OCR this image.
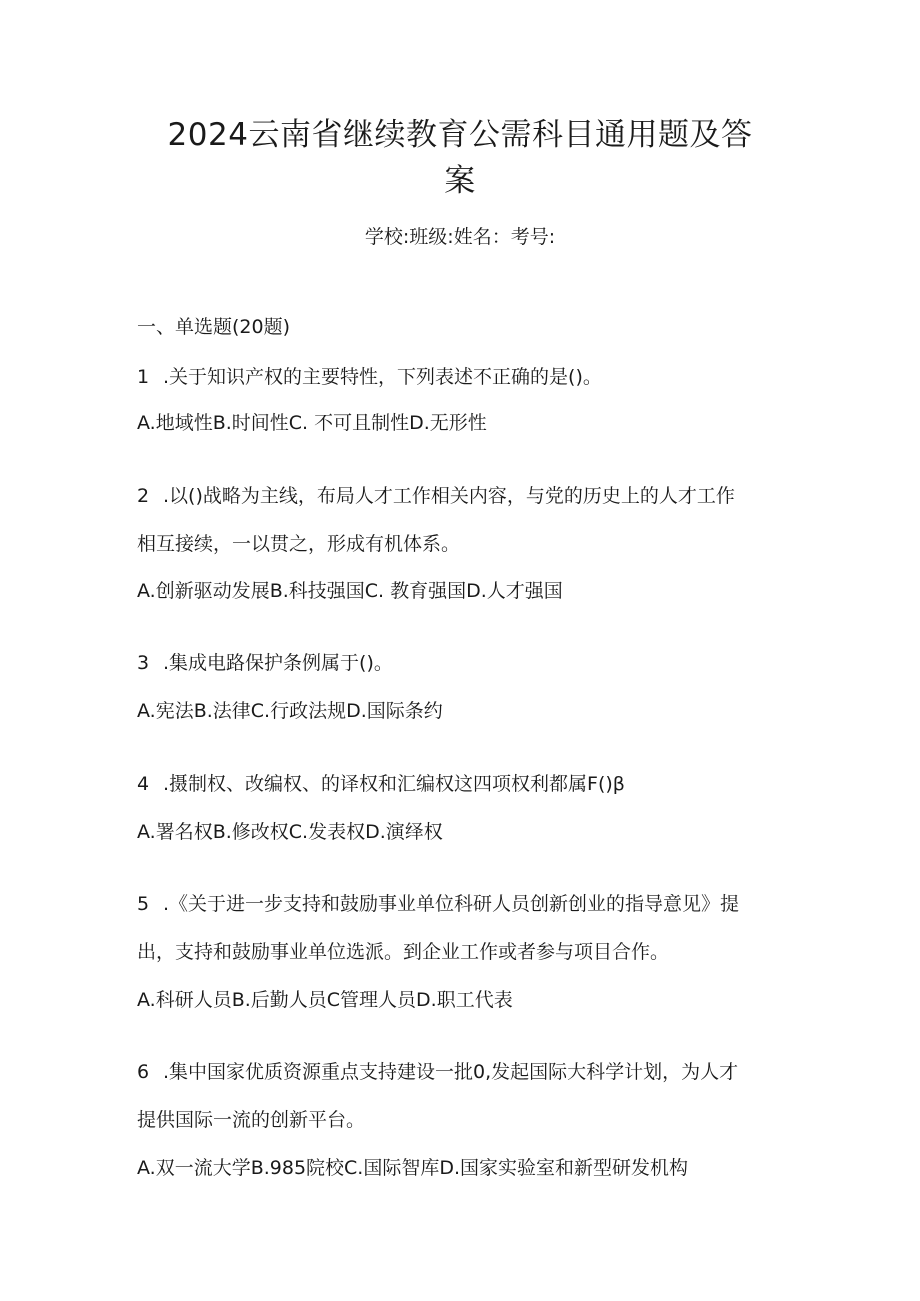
2024云南省继续教育公需科目通用题及答
案
学校:班级:姓名：考号:
一、单选题(20题)
1 .关于知识产权的主要特性，下列表述不正确的是()。
A.地域性B.时间性C. 不可且制性D.无形性
2 .以()战略为主线，布局人才工作相关内容，与党的历史上的人才工作
相互接续，一以贯之，形成有机体系。
A.创新驱动发展B.科技强国C. 教育强国D.人才强国
3 .集成电路保护条例属于()。
A.宪法B.法律C.行政法规D.国际条约
4 .摄制权、改编权、的译权和汇编权这四项权利都属F()β
A.署名权B.修改权C.发表权D.演绎权
5 .《关于进一步支持和鼓励事业单位科研人员创新创业的指导意见》提
出，支持和鼓励事业单位选派。到企业工作或者参与项目合作。
A.科研人员B.后勤人员C管理人员D.职工代表
6 .集中国家优质资源重点支持建设一批0,发起国际大科学计划，为人才
提供国际一流的创新平台。
A.双一流大学B.985院校C.国际智库D.国家实验室和新型研发机构
